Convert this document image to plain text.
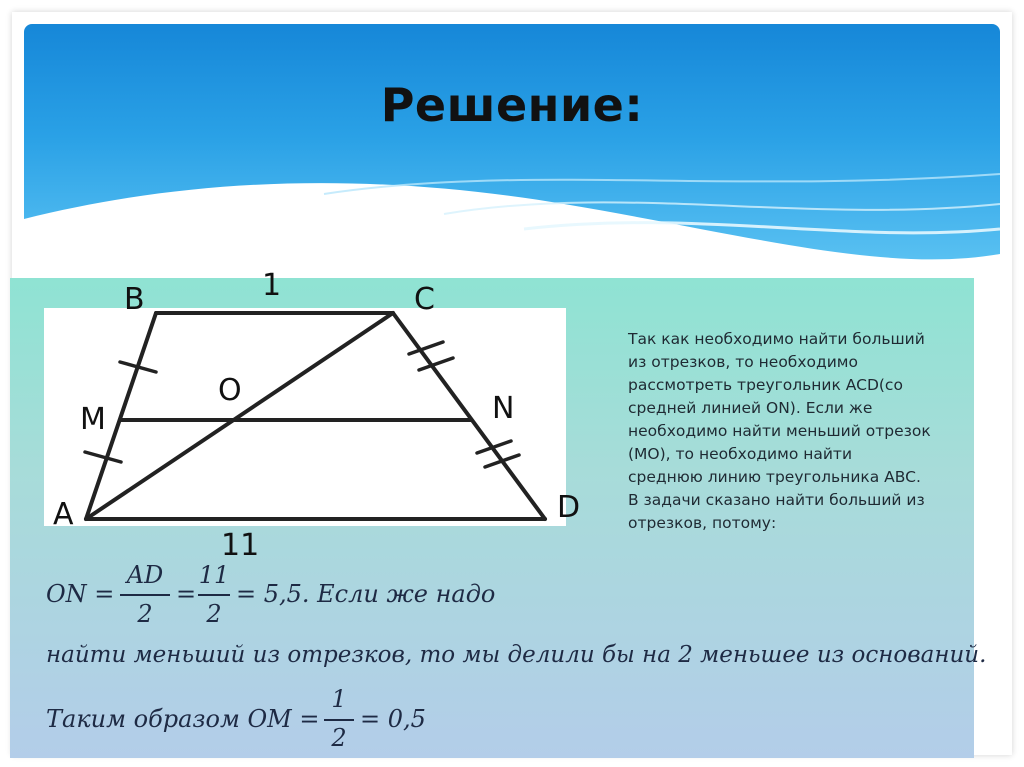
Решение:
B	1	C
O
M	N
A	D
11
Так как необходимо найти больший
из отрезков, то необходимо
рассмотреть треугольник ACD(со
средней линией ON). Если же
необходимо найти меньший отрезок
(MO), то необходимо найти
среднюю линию треугольника ABC.
В задачи сказано найти больший из
отрезков, потому:
ON =
AD
2
=
11
2
= 5,5. Если же надо
найти меньший из отрезков, то мы делили бы на 2 меньшее из оснований.
Таким образом OM =
1
2
= 0,5
